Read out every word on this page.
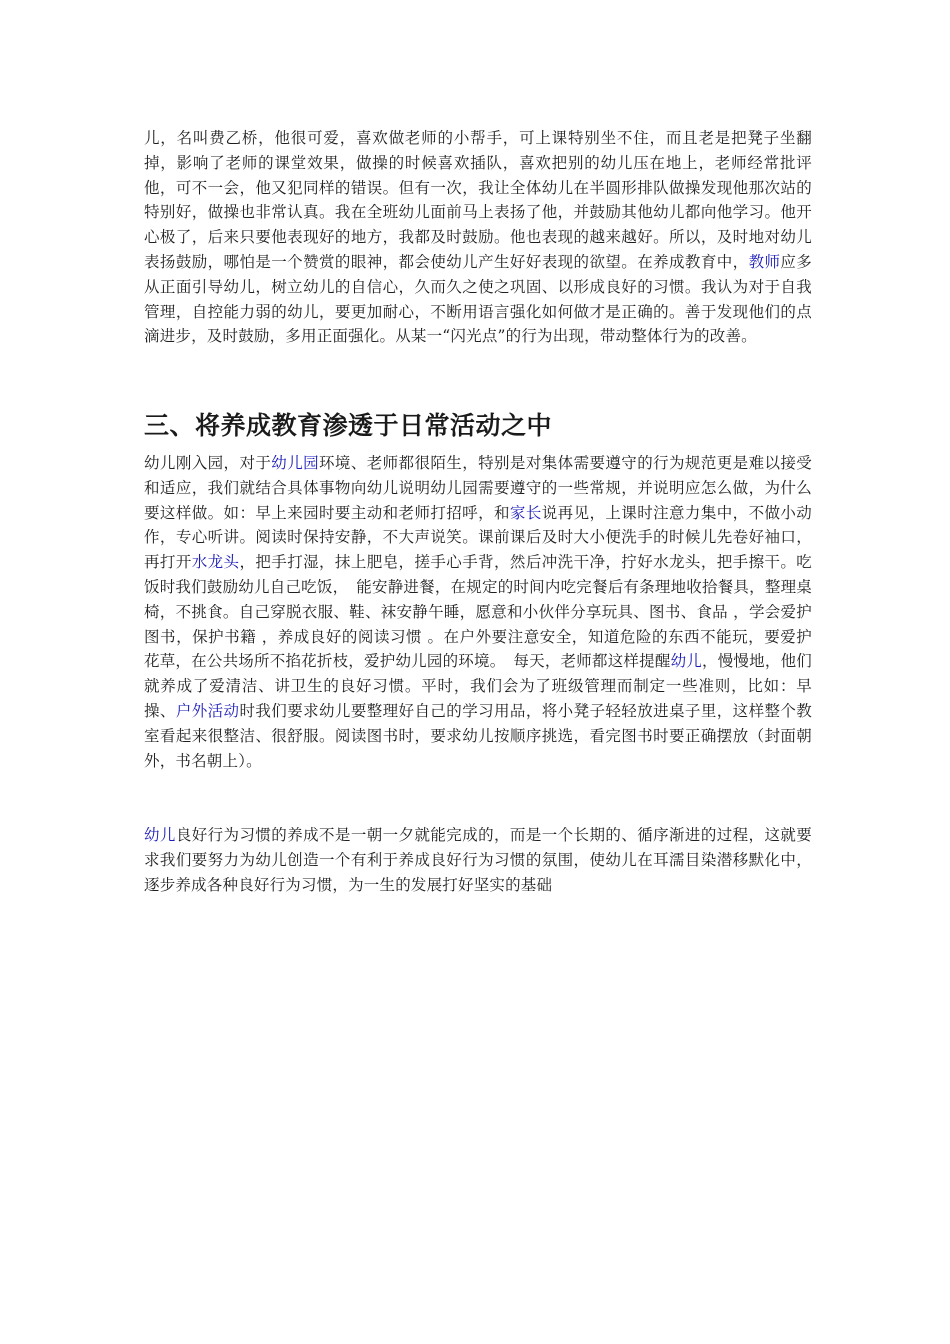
儿，名叫费乙桥，他很可爱，喜欢做老师的小帮手，可上课特别坐不住，而且老是把凳子坐翻掉，影响了老师的课堂效果，做操的时候喜欢插队，喜欢把别的幼儿压在地上，老师经常批评他，可不一会，他又犯同样的错误。但有一次，我让全体幼儿在半圆形排队做操发现他那次站的特别好，做操也非常认真。我在全班幼儿面前马上表扬了他，并鼓励其他幼儿都向他学习。他开心极了，后来只要他表现好的地方，我都及时鼓励。他也表现的越来越好。所以，及时地对幼儿表扬鼓励，哪怕是一个赞赏的眼神，都会使幼儿产生好好表现的欲望。在养成教育中，教师应多从正面引导幼儿，树立幼儿的自信心，久而久之使之巩固、以形成良好的习惯。我认为对于自我管理，自控能力弱的幼儿，要更加耐心，不断用语言强化如何做才是正确的。善于发现他们的点滴进步，及时鼓励，多用正面强化。从某一“闪光点”的行为出现，带动整体行为的改善。
三、将养成教育渗透于日常活动之中
幼儿刚入园，对于幼儿园环境、老师都很陌生，特别是对集体需要遵守的行为规范更是难以接受和适应，我们就结合具体事物向幼儿说明幼儿园需要遵守的一些常规，并说明应怎么做，为什么要这样做。如：早上来园时要主动和老师打招呼，和家长说再见，上课时注意力集中，不做小动作，专心听讲。阅读时保持安静，不大声说笑。课前课后及时大小便洗手的时候儿先卷好袖口，再打开水龙头，把手打湿，抹上肥皂，搓手心手背，然后冲洗干净，拧好水龙头，把手擦干。吃饭时我们鼓励幼儿自己吃饭，　能安静进餐，在规定的时间内吃完餐后有条理地收拾餐具，整理桌椅，不挑食。自己穿脱衣服、鞋、袜安静午睡，愿意和小伙伴分享玩具、图书、食品 ，学会爱护图书，保护书籍 ，养成良好的阅读习惯 。在户外要注意安全，知道危险的东西不能玩，要爱护花草，在公共场所不掐花折枝，爱护幼儿园的环境。　每天，老师都这样提醒幼儿，慢慢地，他们就养成了爱清洁、讲卫生的良好习惯。平时，我们会为了班级管理而制定一些准则，比如：早操、户外活动时我们要求幼儿要整理好自己的学习用品，将小凳子轻轻放进桌子里，这样整个教室看起来很整洁、很舒服。阅读图书时，要求幼儿按顺序挑选，看完图书时要正确摆放（封面朝外，书名朝上）。
幼儿良好行为习惯的养成不是一朝一夕就能完成的，而是一个长期的、循序渐进的过程，这就要求我们要努力为幼儿创造一个有利于养成良好行为习惯的氛围，使幼儿在耳濡目染潜移默化中，逐步养成各种良好行为习惯，为一生的发展打好坚实的基础
